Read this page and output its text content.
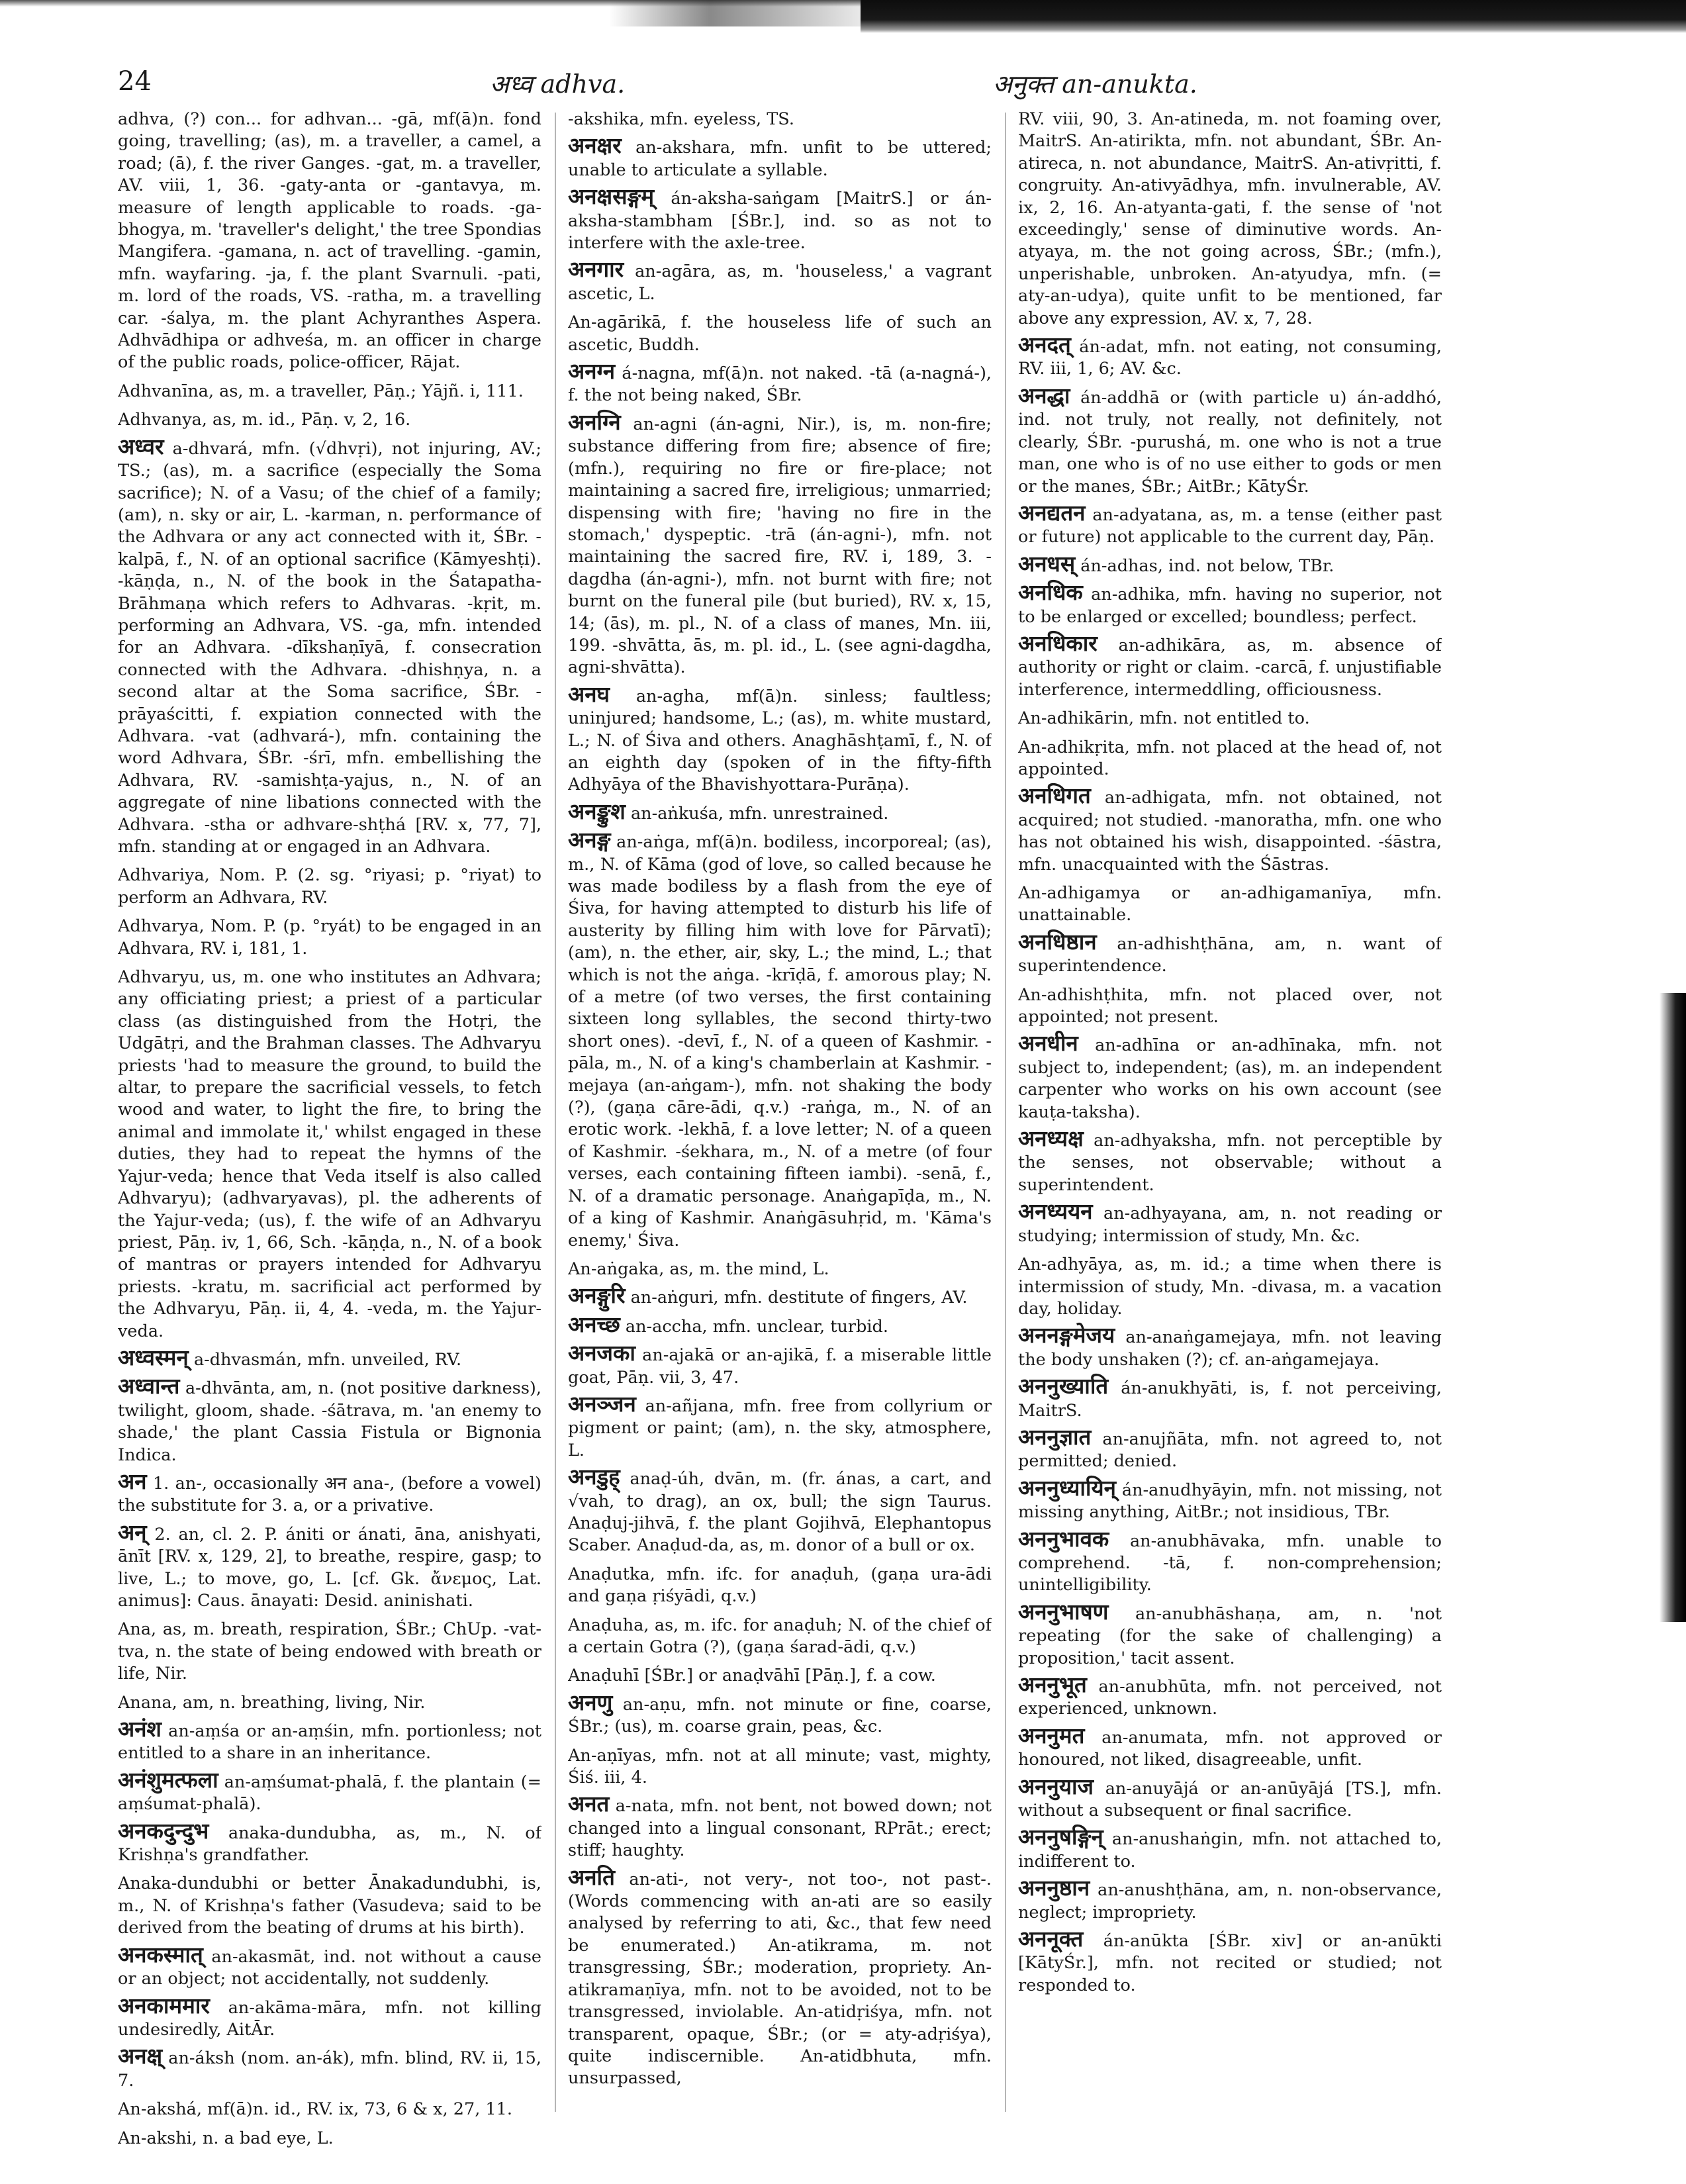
24	अध्व adhva.	अनुक्त an-anukta.

adhva, (?) con... for adhvan... -gā, mf(ā)n. fond going, travelling; (as), m. a traveller, a camel, a road; (ā), f. the river Ganges. -gat, m. a traveller, AV. viii, 1, 36. -gaty-anta or -gantavya, m. measure of length applicable to roads. -ga-bhogya, m. 'traveller's delight,' the tree Spondias Mangifera. -gamana, n. act of travelling. -gamin, mfn. wayfaring. -ja, f. the plant Svarnuli. -pati, m. lord of the roads, VS. -ratha, m. a travelling car. -śalya, m. the plant Achyranthes Aspera. Adhvādhipa or adhveśa, m. an officer in charge of the public roads, police-officer, Rājat.

Adhvanīna, as, m. a traveller, Pāṇ.; Yājñ. i, 111.

Adhvanya, as, m. id., Pāṇ. v, 2, 16.

अध्वर a-dhvará, mfn. (√dhvṛi), not injuring, AV.; TS.; (as), m. a sacrifice (especially the Soma sacrifice); N. of a Vasu; of the chief of a family; (am), n. sky or air, L. -karman, n. performance of the Adhvara or any act connected with it, ŚBr. -kalpā, f., N. of an optional sacrifice (Kāmyeshṭi). -kāṇḍa, n., N. of the book in the Śatapatha-Brāhmaṇa which refers to Adhvaras. -kṛit, m. performing an Adhvara, VS. -ga, mfn. intended for an Adhvara. -dīkshaṇīyā, f. consecration connected with the Adhvara. -dhishṇya, n. a second altar at the Soma sacrifice, ŚBr. -prāyaścitti, f. expiation connected with the Adhvara. -vat (adhvará-), mfn. containing the word Adhvara, ŚBr. -śrī, mfn. embellishing the Adhvara, RV. -samishṭa-yajus, n., N. of an aggregate of nine libations connected with the Adhvara. -stha or adhvare-shṭhá [RV. x, 77, 7], mfn. standing at or engaged in an Adhvara.

Adhvariya, Nom. P. (2. sg. °riyasi; p. °riyat) to perform an Adhvara, RV.

Adhvarya, Nom. P. (p. °ryát) to be engaged in an Adhvara, RV. i, 181, 1.

Adhvaryu, us, m. one who institutes an Adhvara; any officiating priest; a priest of a particular class (as distinguished from the Hotṛi, the Udgātṛi, and the Brahman classes. The Adhvaryu priests 'had to measure the ground, to build the altar, to prepare the sacrificial vessels, to fetch wood and water, to light the fire, to bring the animal and immolate it,' whilst engaged in these duties, they had to repeat the hymns of the Yajur-veda; hence that Veda itself is also called Adhvaryu); (adhvaryavas), pl. the adherents of the Yajur-veda; (us), f. the wife of an Adhvaryu priest, Pāṇ. iv, 1, 66, Sch. -kāṇḍa, n., N. of a book of mantras or prayers intended for Adhvaryu priests. -kratu, m. sacrificial act performed by the Adhvaryu, Pāṇ. ii, 4, 4. -veda, m. the Yajur-veda.

अध्वस्मन् a-dhvasmán, mfn. unveiled, RV.

अध्वान्त a-dhvānta, am, n. (not positive darkness), twilight, gloom, shade. -śātrava, m. 'an enemy to shade,' the plant Cassia Fistula or Bignonia Indica.

अन 1. an-, occasionally अन ana-, (before a vowel) the substitute for 3. a, or a privative.

अन् 2. an, cl. 2. P. ániti or ánati, āna, anishyati, ānīt [RV. x, 129, 2], to breathe, respire, gasp; to live, L.; to move, go, L. [cf. Gk. ἄνεμος, Lat. animus]: Caus. ānayati: Desid. aninishati.

Ana, as, m. breath, respiration, ŚBr.; ChUp. -vat-tva, n. the state of being endowed with breath or life, Nir.

Anana, am, n. breathing, living, Nir.

अनंश an-aṃśa or an-aṃśin, mfn. portionless; not entitled to a share in an inheritance.

अनंशुमत्फला an-aṃśumat-phalā, f. the plantain (= aṃśumat-phalā).

अनकदुन्दुभ anaka-dundubha, as, m., N. of Krishṇa's grandfather.

Anaka-dundubhi or better Ānakadundubhi, is, m., N. of Krishṇa's father (Vasudeva; said to be derived from the beating of drums at his birth).

अनकस्मात् an-akasmāt, ind. not without a cause or an object; not accidentally, not suddenly.

अनकाममार an-akāma-māra, mfn. not killing undesiredly, AitĀr.

अनक्ष् an-áksh (nom. an-ák), mfn. blind, RV. ii, 15, 7.

An-akshá, mf(ā)n. id., RV. ix, 73, 6 & x, 27, 11.

An-akshi, n. a bad eye, L.

-akshika, mfn. eyeless, TS.

अनक्षर an-akshara, mfn. unfit to be uttered; unable to articulate a syllable.

अनक्षसङ्गम् án-aksha-saṅgam [MaitrS.] or án-aksha-stambham [ŚBr.], ind. so as not to interfere with the axle-tree.

अनगार an-agāra, as, m. 'houseless,' a vagrant ascetic, L.

An-agārikā, f. the houseless life of such an ascetic, Buddh.

अनग्न á-nagna, mf(ā)n. not naked. -tā (a-nagná-), f. the not being naked, ŚBr.

अनग्नि an-agni (án-agni, Nir.), is, m. non-fire; substance differing from fire; absence of fire; (mfn.), requiring no fire or fire-place; not maintaining a sacred fire, irreligious; unmarried; dispensing with fire; 'having no fire in the stomach,' dyspeptic. -trā (án-agni-), mfn. not maintaining the sacred fire, RV. i, 189, 3. -dagdha (án-agni-), mfn. not burnt with fire; not burnt on the funeral pile (but buried), RV. x, 15, 14; (ās), m. pl., N. of a class of manes, Mn. iii, 199. -shvātta, ās, m. pl. id., L. (see agni-dagdha, agni-shvātta).

अनघ an-agha, mf(ā)n. sinless; faultless; uninjured; handsome, L.; (as), m. white mustard, L.; N. of Śiva and others. Anaghāshṭamī, f., N. of an eighth day (spoken of in the fifty-fifth Adhyāya of the Bhavishyottara-Purāṇa).

अनङ्कुश an-aṅkuśa, mfn. unrestrained.

अनङ्ग an-aṅga, mf(ā)n. bodiless, incorporeal; (as), m., N. of Kāma (god of love, so called because he was made bodiless by a flash from the eye of Śiva, for having attempted to disturb his life of austerity by filling him with love for Pārvatī); (am), n. the ether, air, sky, L.; the mind, L.; that which is not the aṅga. -krīḍā, f. amorous play; N. of a metre (of two verses, the first containing sixteen long syllables, the second thirty-two short ones). -devī, f., N. of a queen of Kashmir. -pāla, m., N. of a king's chamberlain at Kashmir. -mejaya (an-aṅgam-), mfn. not shaking the body (?), (gaṇa cāre-ādi, q.v.) -raṅga, m., N. of an erotic work. -lekhā, f. a love letter; N. of a queen of Kashmir. -śekhara, m., N. of a metre (of four verses, each containing fifteen iambi). -senā, f., N. of a dramatic personage. Anaṅgapīḍa, m., N. of a king of Kashmir. Anaṅgāsuhṛid, m. 'Kāma's enemy,' Śiva.

An-aṅgaka, as, m. the mind, L.

अनङ्गुरि an-aṅguri, mfn. destitute of fingers, AV.

अनच्छ an-accha, mfn. unclear, turbid.

अनजका an-ajakā or an-ajikā, f. a miserable little goat, Pāṇ. vii, 3, 47.

अनञ्जन an-añjana, mfn. free from collyrium or pigment or paint; (am), n. the sky, atmosphere, L.

अनडुह् anaḍ-úh, dvān, m. (fr. ánas, a cart, and √vah, to drag), an ox, bull; the sign Taurus. Anaḍuj-jihvā, f. the plant Gojihvā, Elephantopus Scaber. Anaḍud-da, as, m. donor of a bull or ox.

Anaḍutka, mfn. ifc. for anaḍuh, (gaṇa ura-ādi and gaṇa ṛiśyādi, q.v.)

Anaḍuha, as, m. ifc. for anaḍuh; N. of the chief of a certain Gotra (?), (gaṇa śarad-ādi, q.v.)

Anaḍuhī [ŚBr.] or anaḍvāhī [Pāṇ.], f. a cow.

अनणु an-aṇu, mfn. not minute or fine, coarse, ŚBr.; (us), m. coarse grain, peas, &c.

An-aṇīyas, mfn. not at all minute; vast, mighty, Śiś. iii, 4.

अनत a-nata, mfn. not bent, not bowed down; not changed into a lingual consonant, RPrāt.; erect; stiff; haughty.

अनति an-ati-, not very-, not too-, not past-. (Words commencing with an-ati are so easily analysed by referring to ati, &c., that few need be enumerated.) An-atikrama, m. not transgressing, ŚBr.; moderation, propriety. An-atikramaṇīya, mfn. not to be avoided, not to be transgressed, inviolable. An-atidṛiśya, mfn. not transparent, opaque, ŚBr.; (or = aty-adṛiśya), quite indiscernible. An-atidbhuta, mfn. unsurpassed,

RV. viii, 90, 3. An-atineda, m. not foaming over, MaitrS. An-atirikta, mfn. not abundant, ŚBr. An-atireca, n. not abundance, MaitrS. An-ativṛitti, f. congruity. An-ativyādhya, mfn. invulnerable, AV. ix, 2, 16. An-atyanta-gati, f. the sense of 'not exceedingly,' sense of diminutive words. An-atyaya, m. the not going across, ŚBr.; (mfn.), unperishable, unbroken. An-atyudya, mfn. (= aty-an-udya), quite unfit to be mentioned, far above any expression, AV. x, 7, 28.

अनदत् án-adat, mfn. not eating, not consuming, RV. iii, 1, 6; AV. &c.

अनद्धा án-addhā or (with particle u) án-addhó, ind. not truly, not really, not definitely, not clearly, ŚBr. -purushá, m. one who is not a true man, one who is of no use either to gods or men or the manes, ŚBr.; AitBr.; KātyŚr.

अनद्यतन an-adyatana, as, m. a tense (either past or future) not applicable to the current day, Pāṇ.

अनधस् án-adhas, ind. not below, TBr.

अनधिक an-adhika, mfn. having no superior, not to be enlarged or excelled; boundless; perfect.

अनधिकार an-adhikāra, as, m. absence of authority or right or claim. -carcā, f. unjustifiable interference, intermeddling, officiousness.

An-adhikārin, mfn. not entitled to.

An-adhikṛita, mfn. not placed at the head of, not appointed.

अनधिगत an-adhigata, mfn. not obtained, not acquired; not studied. -manoratha, mfn. one who has not obtained his wish, disappointed. -śāstra, mfn. unacquainted with the Śāstras.

An-adhigamya or an-adhigamanīya, mfn. unattainable.

अनधिष्ठान an-adhishṭhāna, am, n. want of superintendence.

An-adhishṭhita, mfn. not placed over, not appointed; not present.

अनधीन an-adhīna or an-adhīnaka, mfn. not subject to, independent; (as), m. an independent carpenter who works on his own account (see kauṭa-taksha).

अनध्यक्ष an-adhyaksha, mfn. not perceptible by the senses, not observable; without a superintendent.

अनध्ययन an-adhyayana, am, n. not reading or studying; intermission of study, Mn. &c.

An-adhyāya, as, m. id.; a time when there is intermission of study, Mn. -divasa, m. a vacation day, holiday.

अननङ्गमेजय an-anaṅgamejaya, mfn. not leaving the body unshaken (?); cf. an-aṅgamejaya.

अननुख्याति án-anukhyāti, is, f. not perceiving, MaitrS.

अननुज्ञात an-anujñāta, mfn. not agreed to, not permitted; denied.

अननुध्यायिन् án-anudhyāyin, mfn. not missing, not missing anything, AitBr.; not insidious, TBr.

अननुभावक an-anubhāvaka, mfn. unable to comprehend. -tā, f. non-comprehension; unintelligibility.

अननुभाषण an-anubhāshaṇa, am, n. 'not repeating (for the sake of challenging) a proposition,' tacit assent.

अननुभूत an-anubhūta, mfn. not perceived, not experienced, unknown.

अननुमत an-anumata, mfn. not approved or honoured, not liked, disagreeable, unfit.

अननुयाज an-anuyājá or an-anūyājá [TS.], mfn. without a subsequent or final sacrifice.

अननुषङ्गिन् an-anushaṅgin, mfn. not attached to, indifferent to.

अननुष्ठान an-anushṭhāna, am, n. non-observance, neglect; impropriety.

अननूक्त án-anūkta [ŚBr. xiv] or an-anūkti [KātyŚr.], mfn. not recited or studied; not responded to.
